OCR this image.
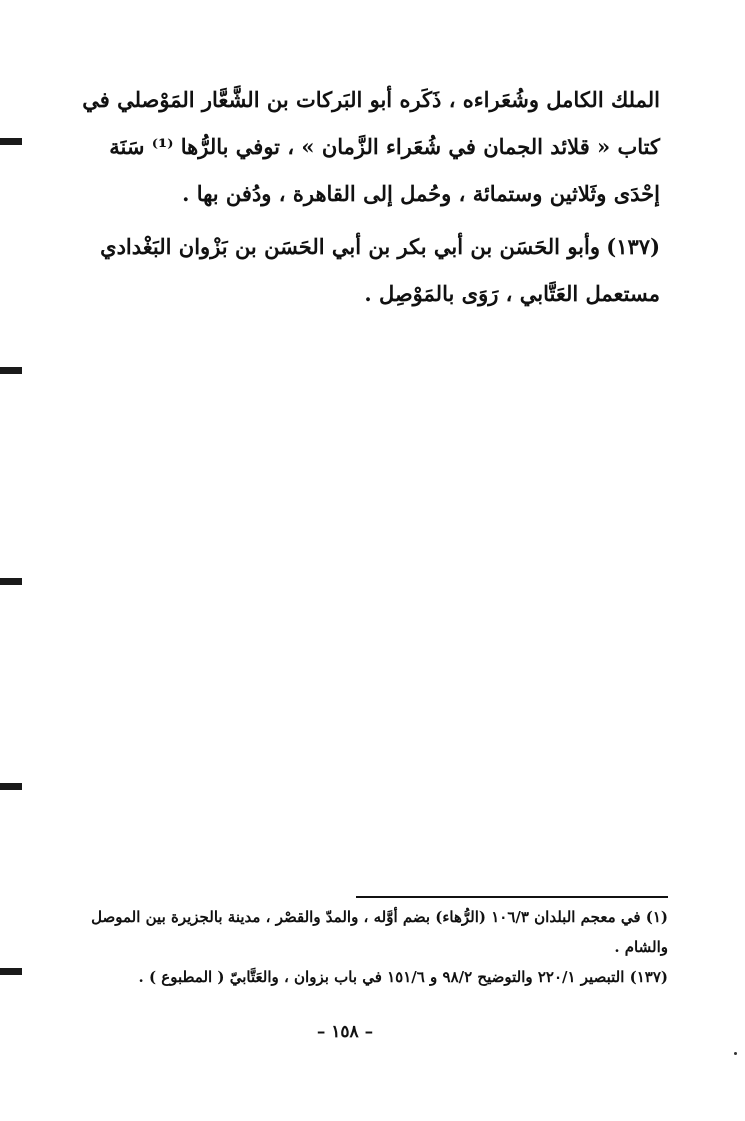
الملك الكامل وشُعَراءه ، ذَكَره أبو البَركات بن الشَّعَّار المَوْصلي في
كتاب « قلائد الجمان في شُعَراء الزَّمان » ، توفي بالرُّها ⁽¹⁾ سَنَة
إحْدَى وثَلاثين وستمائة ، وحُمل إلى القاهرة ، ودُفن بها .
(١٣٧)
وأبو الحَسَن بن أبي بكر بن أبي الحَسَن بن بَزْوان البَغْدادي
مستعمل العَتَّابي ، رَوَى بالمَوْصِل .
(١) في معجم البلدان ١٠٦/٣ (الرُّهاء) بضم أوَّله ، والمدّ والقصْر ، مدينة بالجزيرة بين الموصل والشام .
(١٣٧) التبصير ٢٢٠/١ والتوضيح ٩٨/٢ و ١٥١/٦ في باب بزوان ، والعَتَّابيّ ( المطبوع ) .
– ١٥٨ –
